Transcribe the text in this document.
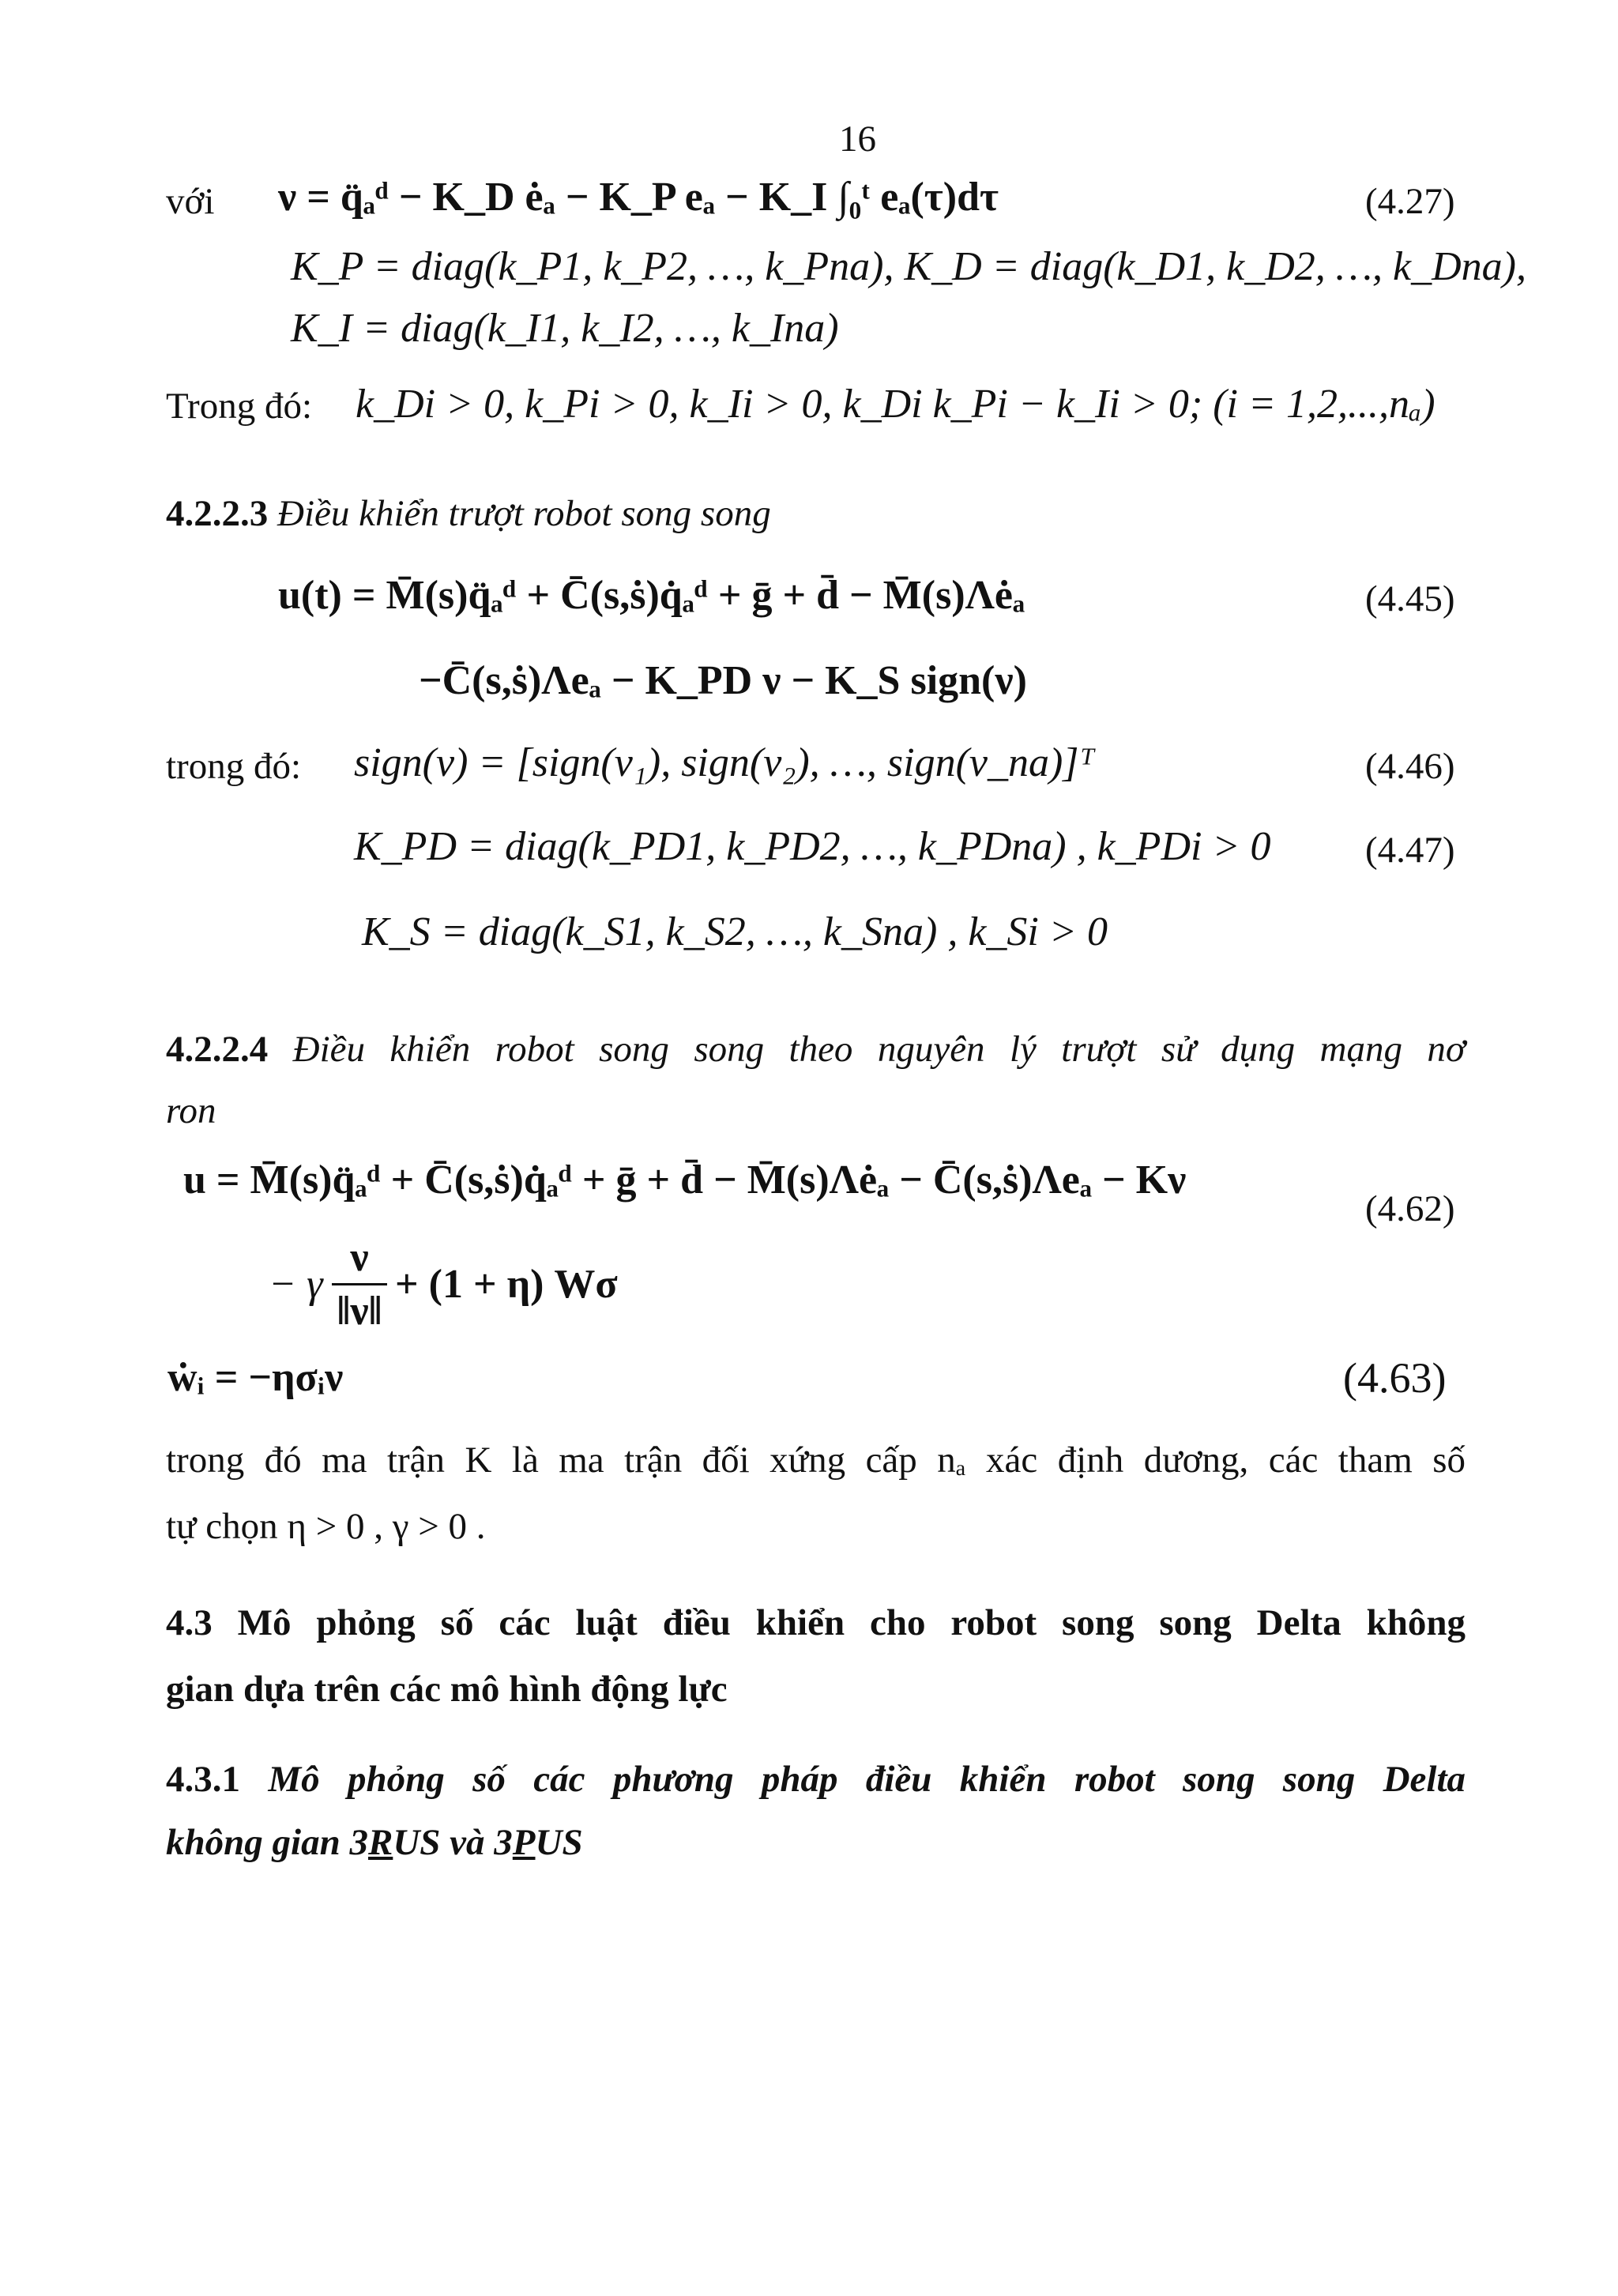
16
với ν = q̈ₐᵈ − K_D ėₐ − K_P eₐ − K_I ∫₀ᵗ eₐ(τ)dτ	(4.27)
K_P = diag(k_P1, k_P2, …, k_Pna), K_D = diag(k_D1, k_D2, …, k_Dna),
K_I = diag(k_I1, k_I2, …, k_Ina)
Trong đó: k_Di > 0, k_Pi > 0, k_Ii > 0, k_Di k_Pi − k_Ii > 0; (i = 1,2,...,nₐ)
4.2.2.3 Điều khiển trượt robot song song
u(t) = M̄(s)q̈ₐᵈ + C̄(s,ṡ)q̇ₐᵈ + ḡ + d̄ − M̄(s)Λėₐ	(4.45)
−C̄(s,ṡ)Λeₐ − K_PD ν − K_S sign(ν)
trong đó: sign(ν) = [sign(ν₁), sign(ν₂), …, sign(ν_na)]ᵀ	(4.46)
K_PD = diag(k_PD1, k_PD2, …, k_PDna) , k_PDi > 0	(4.47)
K_S = diag(k_S1, k_S2, …, k_Sna) , k_Si > 0
4.2.2.4 Điều khiển robot song song theo nguyên lý trượt sử dụng mạng nơ
ron
u = M̄(s)q̈ₐᵈ + C̄(s,ṡ)q̇ₐᵈ + ḡ + d̄ − M̄(s)Λėₐ − C̄(s,ṡ)Λeₐ − Kν
(4.62)
− γ
ν
‖ν‖
+ (1 + η) Wσ
ẇᵢ = −ησᵢν	(4.63)
trong đó ma trận K là ma trận đối xứng cấp nₐ xác định dương, các tham số
tự chọn η > 0 , γ > 0 .
4.3 Mô phỏng số các luật điều khiển cho robot song song Delta không
gian dựa trên các mô hình động lực
4.3.1 Mô phỏng số các phương pháp điều khiển robot song song Delta
không gian 3RUS và 3PUS
